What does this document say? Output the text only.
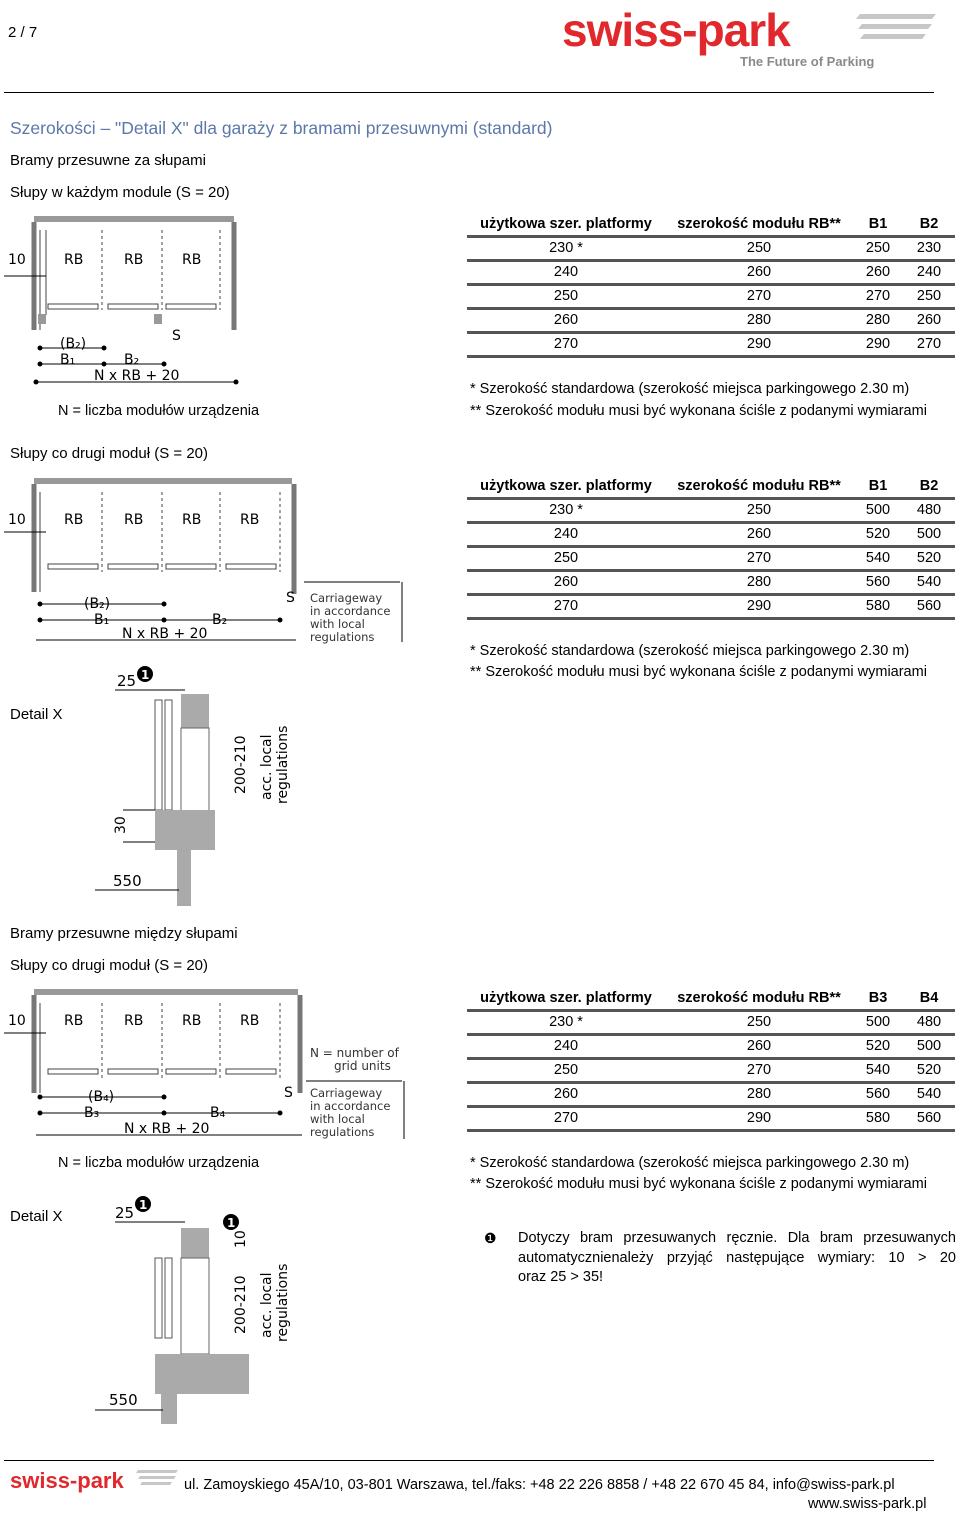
2 / 7	swiss-park
The Future of Parking
Szerokości – "Detail X" dla garaży z bramami przesuwnymi (standard)
Bramy przesuwne za słupami
Słupy w każdym module (S = 20)
10	RB	RB	RB
S
(B₂)
B₁	B₂
N x RB + 20
użytkowa szer. platformy	szerokość modułu RB**	B1	B2
230 *	250	250	230
240	260	260	240
250	270	270	250
260	280	280	260
270	290	290	270
* Szerokość standardowa (szerokość miejsca parkingowego 2.30 m)
** Szerokość modułu musi być wykonana ściśle z podanymi wymiarami
N = liczba modułów urządzenia
Słupy co drugi moduł (S = 20)
10	RB	RB	RB	RB
S
(B₂)
B₁	B₂
N x RB + 20
Carriageway
in accordance
with local
regulations
użytkowa szer. platformy	szerokość modułu RB**	B1	B2
230 *	250	500	480
240	260	520	500
250	270	540	520
260	280	560	540
270	290	580	560
* Szerokość standardowa (szerokość miejsca parkingowego 2.30 m)
** Szerokość modułu musi być wykonana ściśle z podanymi wymiarami
Detail X
25 1
30
200-210 acc. local regulations
550
Bramy przesuwne między słupami
Słupy co drugi moduł (S = 20)
10	RB	RB	RB	RB
N = number of
grid units
S
(B₄)
B₃	B₄
N x RB + 20
Carriageway
in accordance
with local
regulations
użytkowa szer. platformy	szerokość modułu RB**	B3	B4
230 *	250	500	480
240	260	520	500
250	270	540	520
260	280	560	540
270	290	580	560
N = liczba modułów urządzenia	* Szerokość standardowa (szerokość miejsca parkingowego 2.30 m)
** Szerokość modułu musi być wykonana ściśle z podanymi wymiarami
Detail X	25 1
1
10
200-210 acc. local regulations
550
❶ Dotyczy bram przesuwanych ręcznie. Dla bram przesuwanych
automatycznienależy przyjąć następujące wymiary: 10 > 20
oraz 25 > 35!
swiss-park	ul. Zamoyskiego 45A/10, 03-801 Warszawa, tel./faks: +48 22 226 8858 / +48 22 670 45 84, info@swiss-park.pl
www.swiss-park.pl
